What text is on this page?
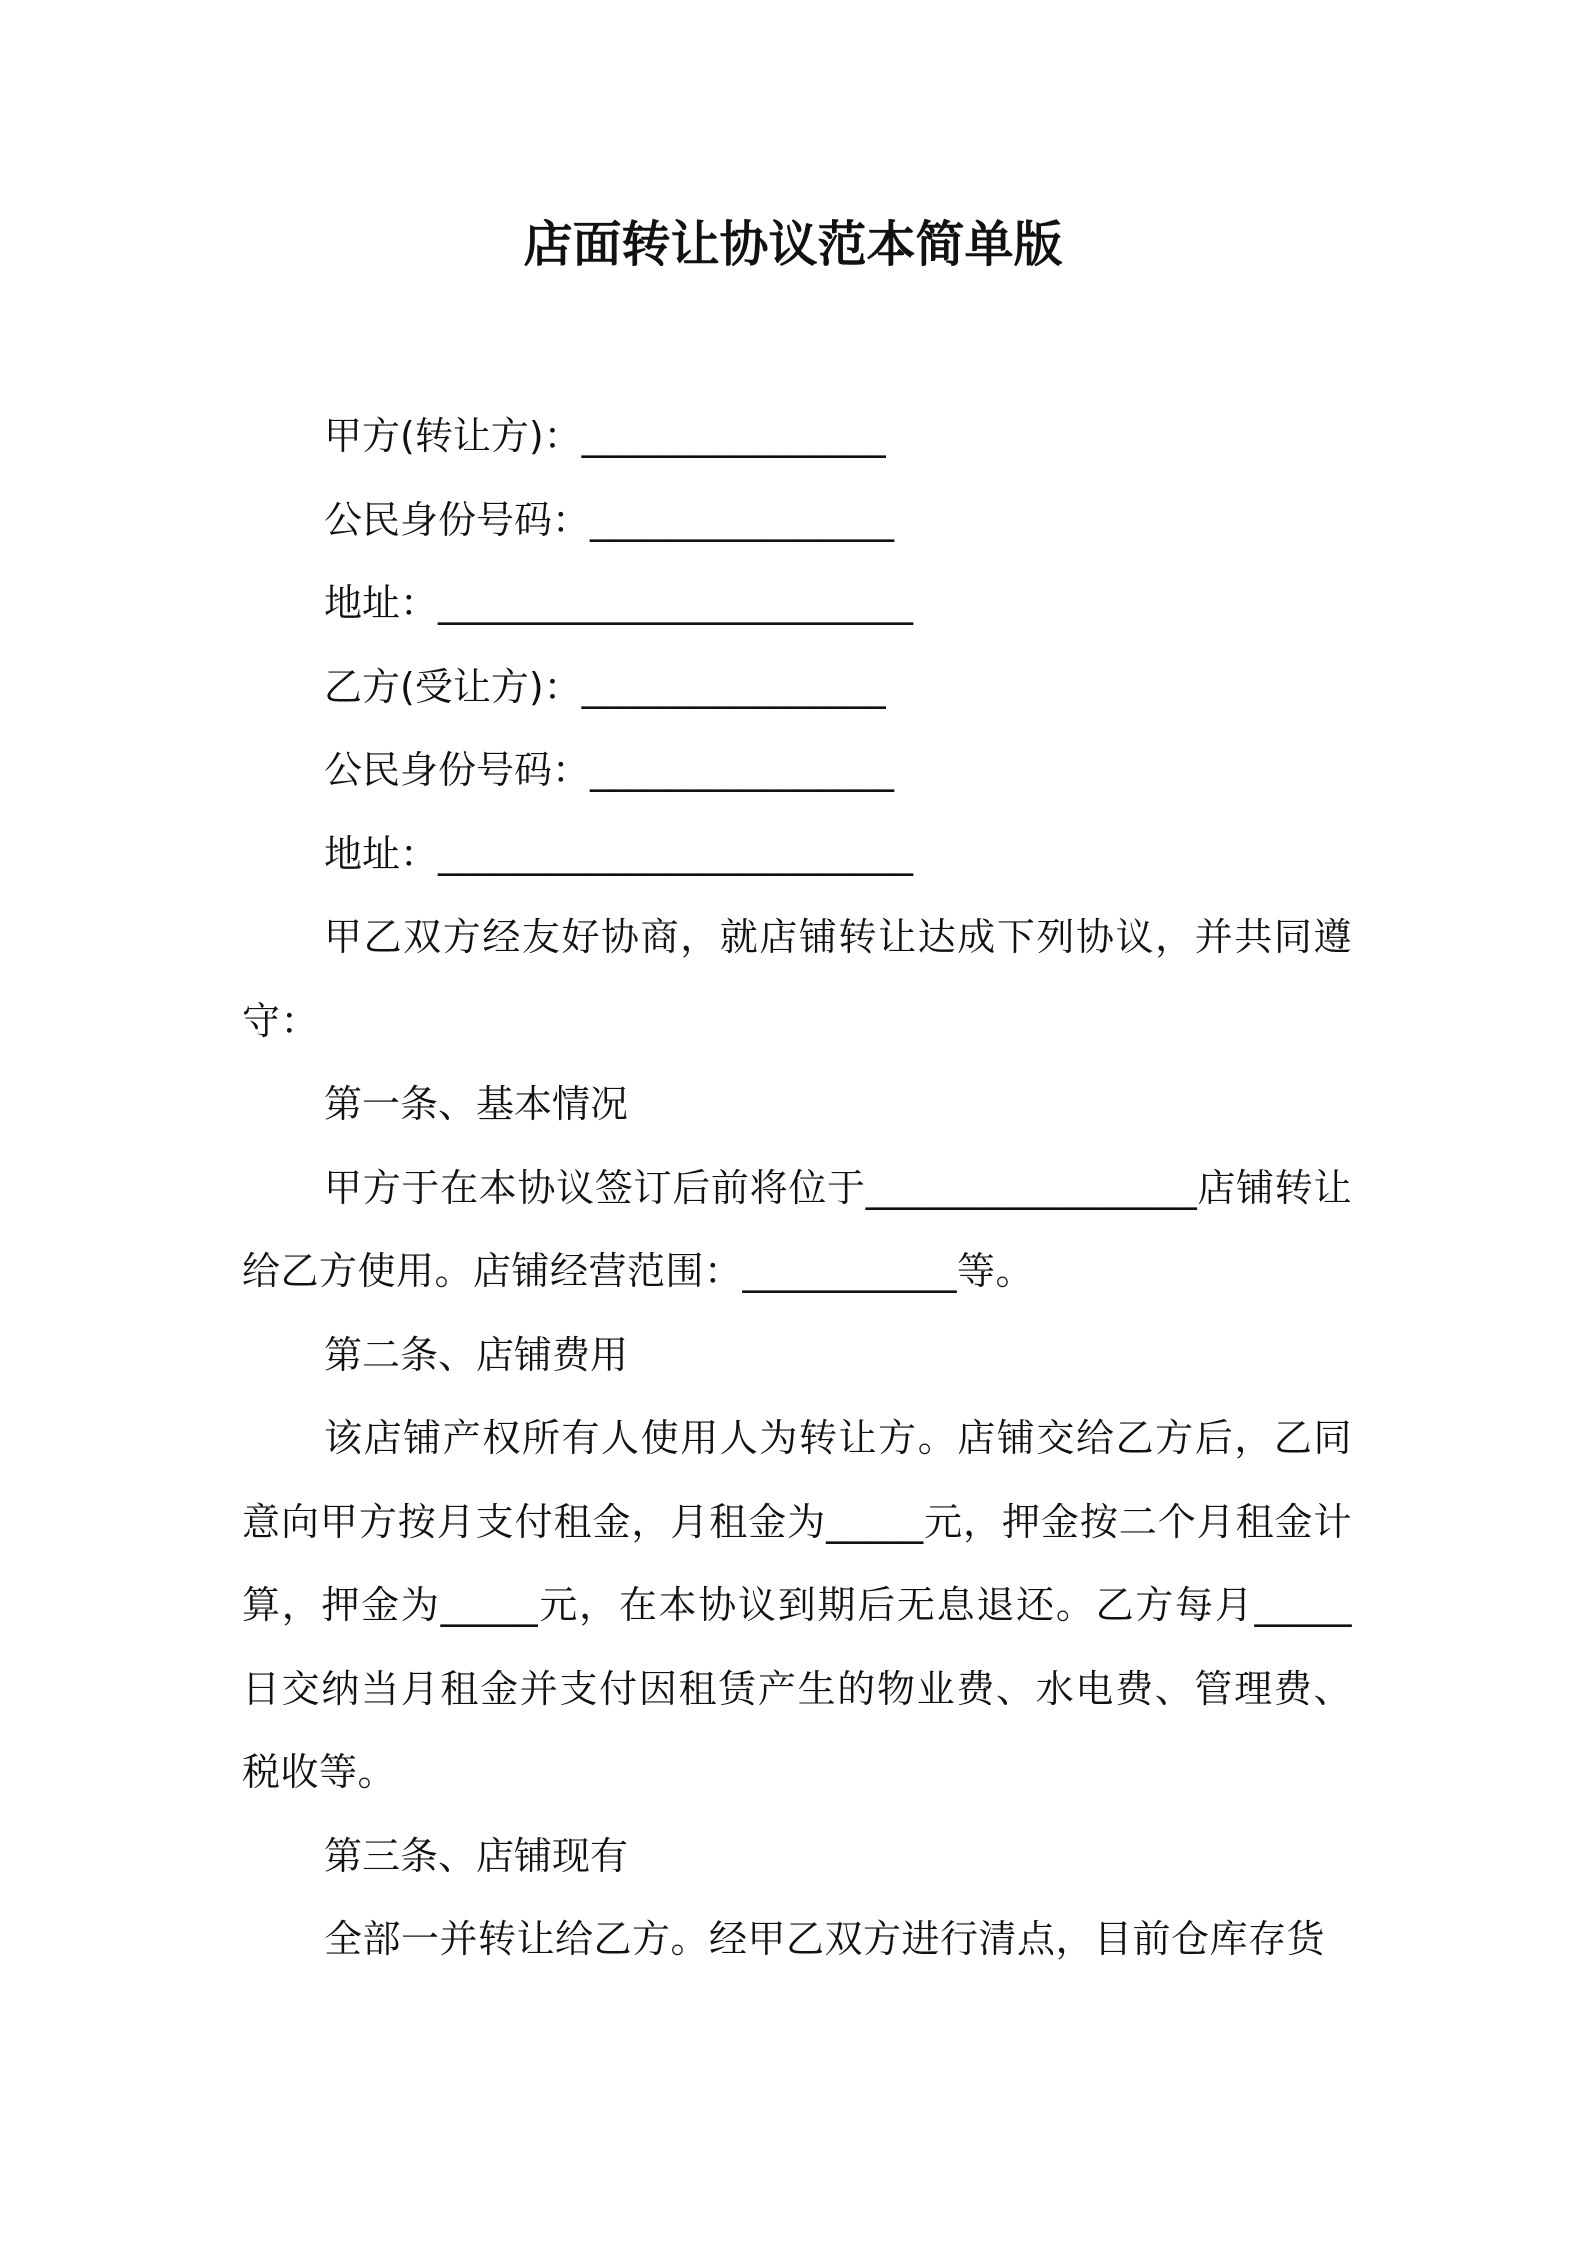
店面转让协议范本简单版
甲方(转让方)：________________
公民身份号码：________________
地址：_________________________
乙方(受让方)：________________
公民身份号码：________________
地址：_________________________

甲乙双方经友好协商，就店铺转让达成下列协议，并共同遵守：

第一条、基本情况

甲方于在本协议签订后前将位于_________________店铺转让给乙方使用。店铺经营范围：___________等。

第二条、店铺费用

该店铺产权所有人使用人为转让方。店铺交给乙方后，乙同意向甲方按月支付租金，月租金为_____元，押金按二个月租金计算，押金为_____元，在本协议到期后无息退还。乙方每月_____日交纳当月租金并支付因租赁产生的物业费、水电费、管理费、税收等。

第三条、店铺现有

全部一并转让给乙方。经甲乙双方进行清点，目前仓库存货
